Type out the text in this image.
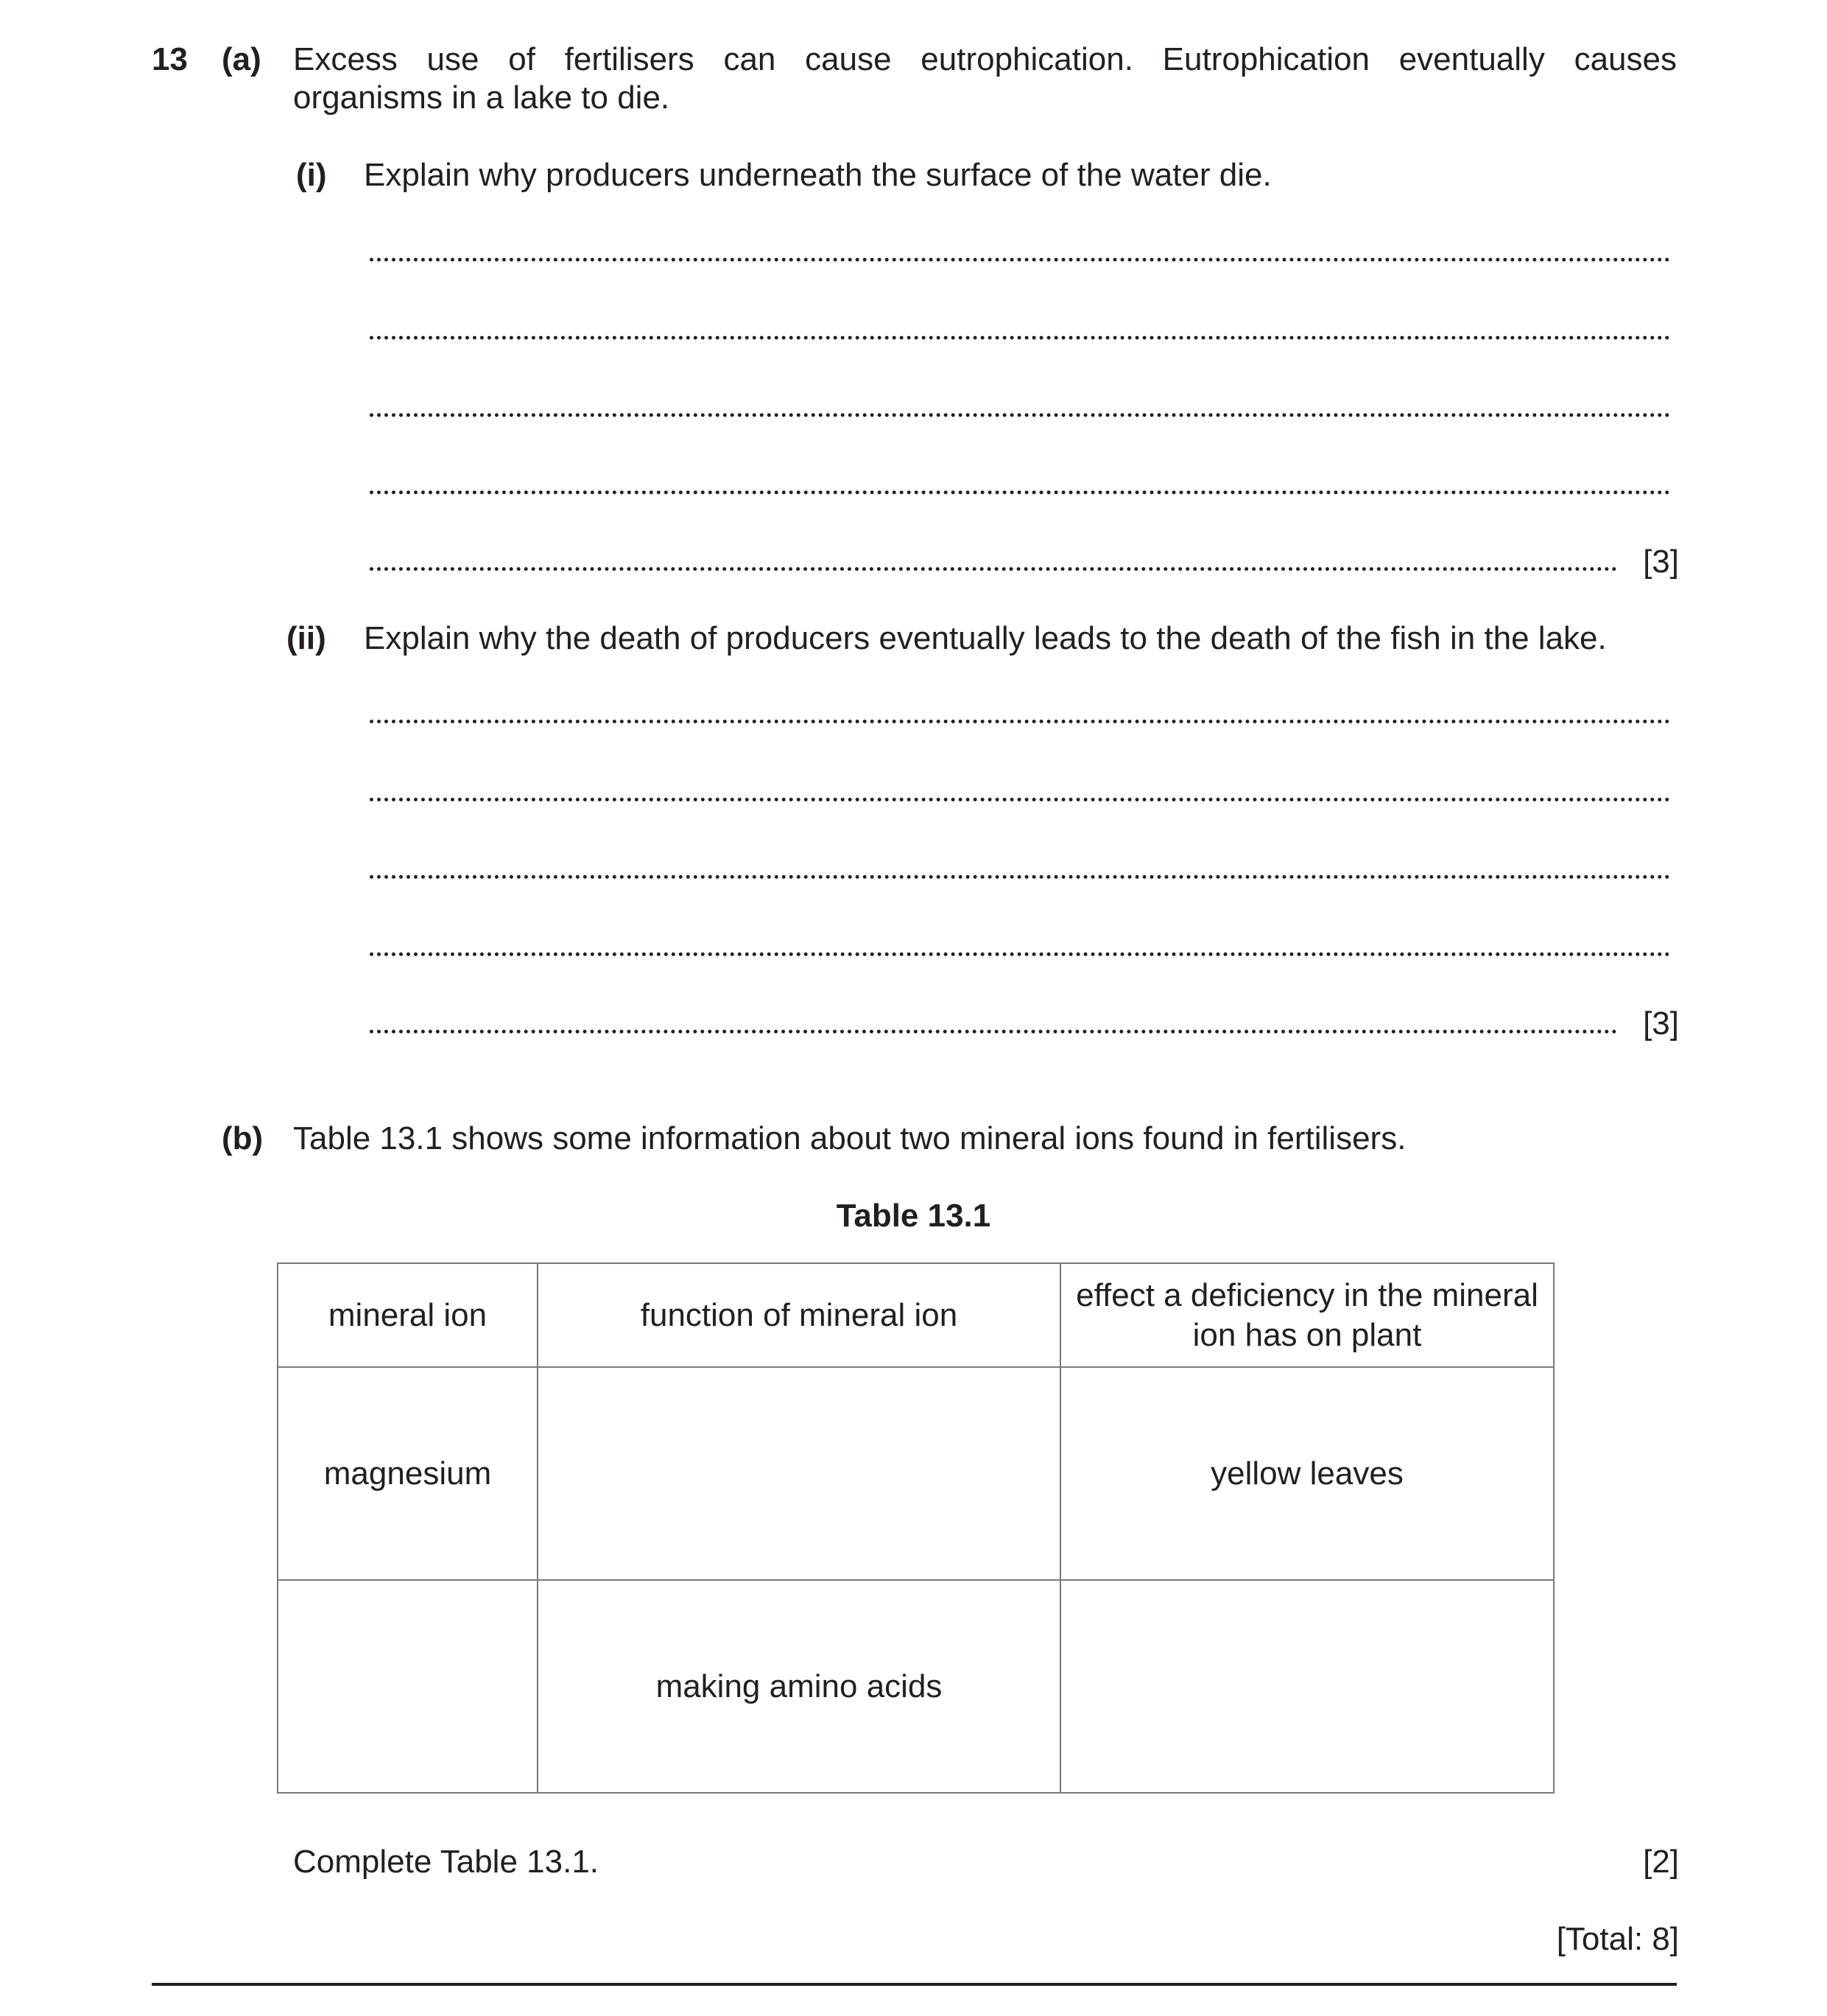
13 (a) Excess use of fertilisers can cause eutrophication. Eutrophication eventually causes
organisms in a lake to die.
(i) Explain why producers underneath the surface of the water die.
[3]
(ii) Explain why the death of producers eventually leads to the death of the fish in the lake.
[3]
(b) Table 13.1 shows some information about two mineral ions found in fertilisers.
Table 13.1
mineral ion	function of mineral ion	effect a deficiency in the mineral ion has on plant
magnesium		yellow leaves
	making amino acids	
Complete Table 13.1.	[2]
[Total: 8]
